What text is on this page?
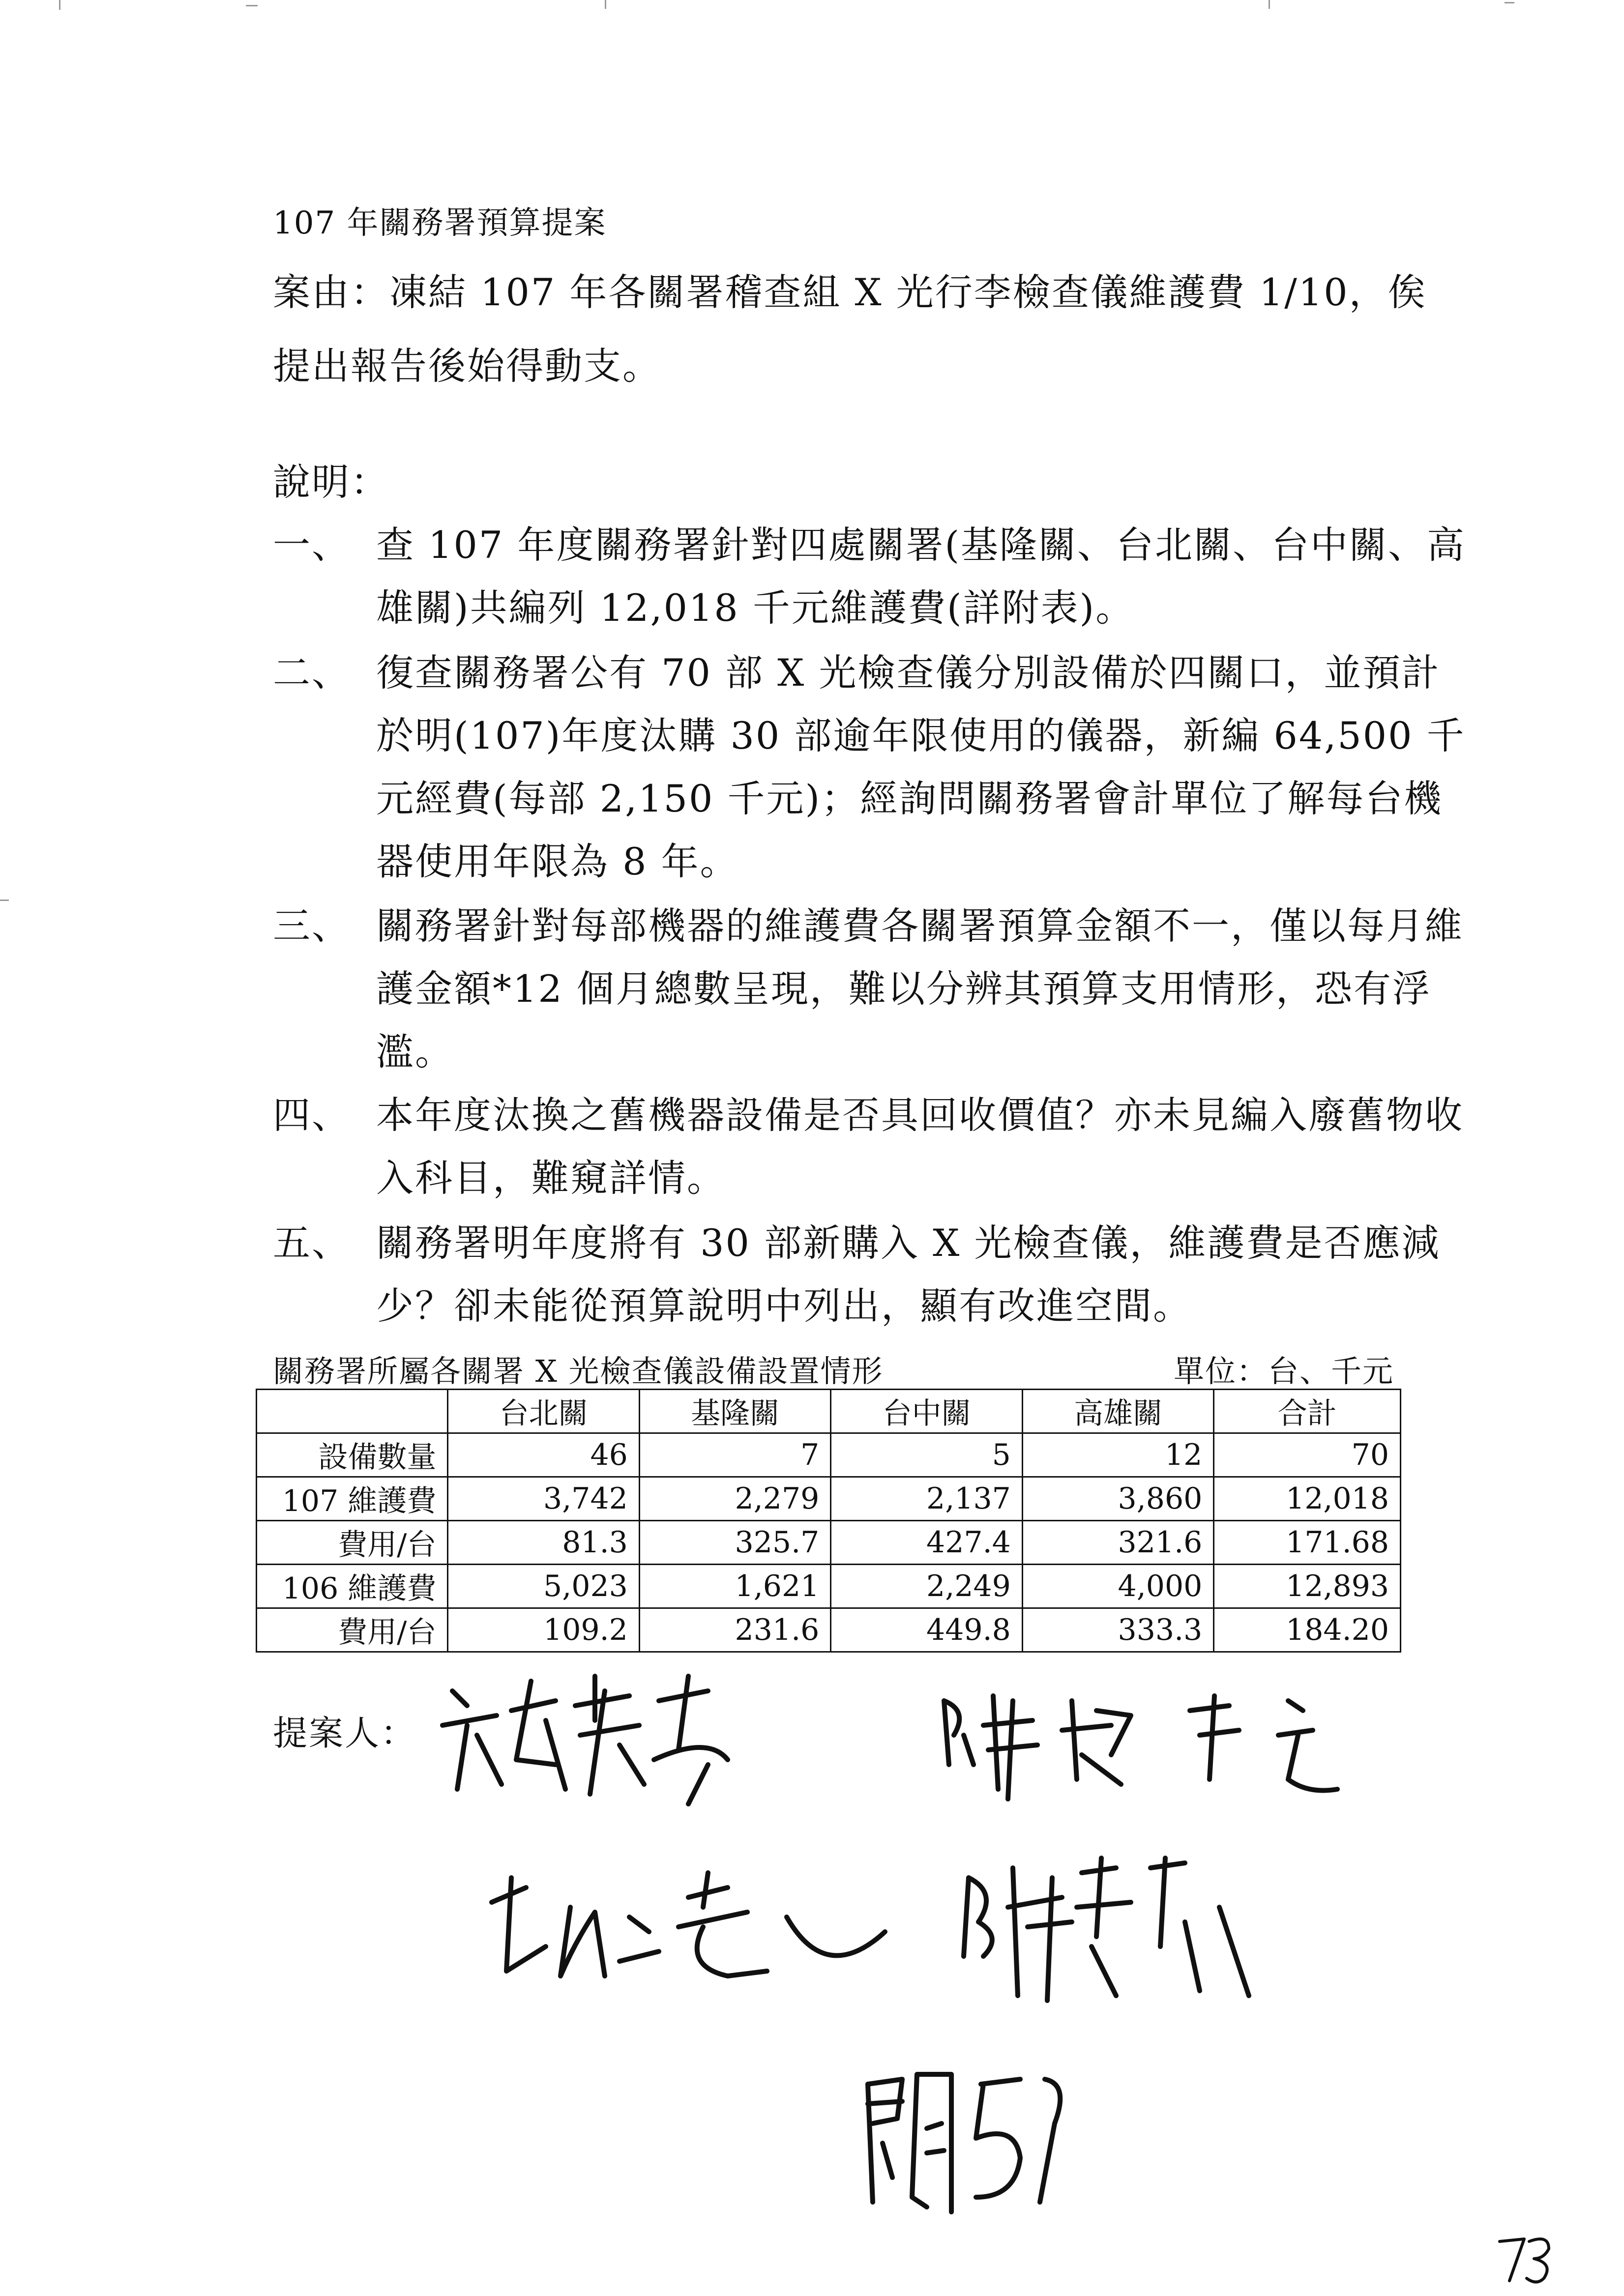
107 年關務署預算提案
案由：凍結 107 年各關署稽查組 X 光行李檢查儀維護費 1/10，俟提出報告後始得動支。
說明：
一、 查 107 年度關務署針對四處關署(基隆關、台北關、台中關、高雄關)共編列 12,018 千元維護費(詳附表)。
二、 復查關務署公有 70 部 X 光檢查儀分別設備於四關口，並預計於明(107)年度汰購 30 部逾年限使用的儀器，新編 64,500 千元經費(每部 2,150 千元)；經詢問關務署會計單位了解每台機器使用年限為 8 年。
三、 關務署針對每部機器的維護費各關署預算金額不一，僅以每月維護金額*12 個月總數呈現，難以分辨其預算支用情形，恐有浮濫。
四、 本年度汰換之舊機器設備是否具回收價值？亦未見編入廢舊物收入科目，難窺詳情。
五、 關務署明年度將有 30 部新購入 X 光檢查儀，維護費是否應減少？卻未能從預算說明中列出，顯有改進空間。
關務署所屬各關署 X 光檢查儀設備設置情形	單位：台、千元
	台北關	基隆關	台中關	高雄關	合計
設備數量	46	7	5	12	70
107 維護費	3,742	2,279	2,137	3,860	12,018
費用/台	81.3	325.7	427.4	321.6	171.68
106 維護費	5,023	1,621	2,249	4,000	12,893
費用/台	109.2	231.6	449.8	333.3	184.20
提案人：
